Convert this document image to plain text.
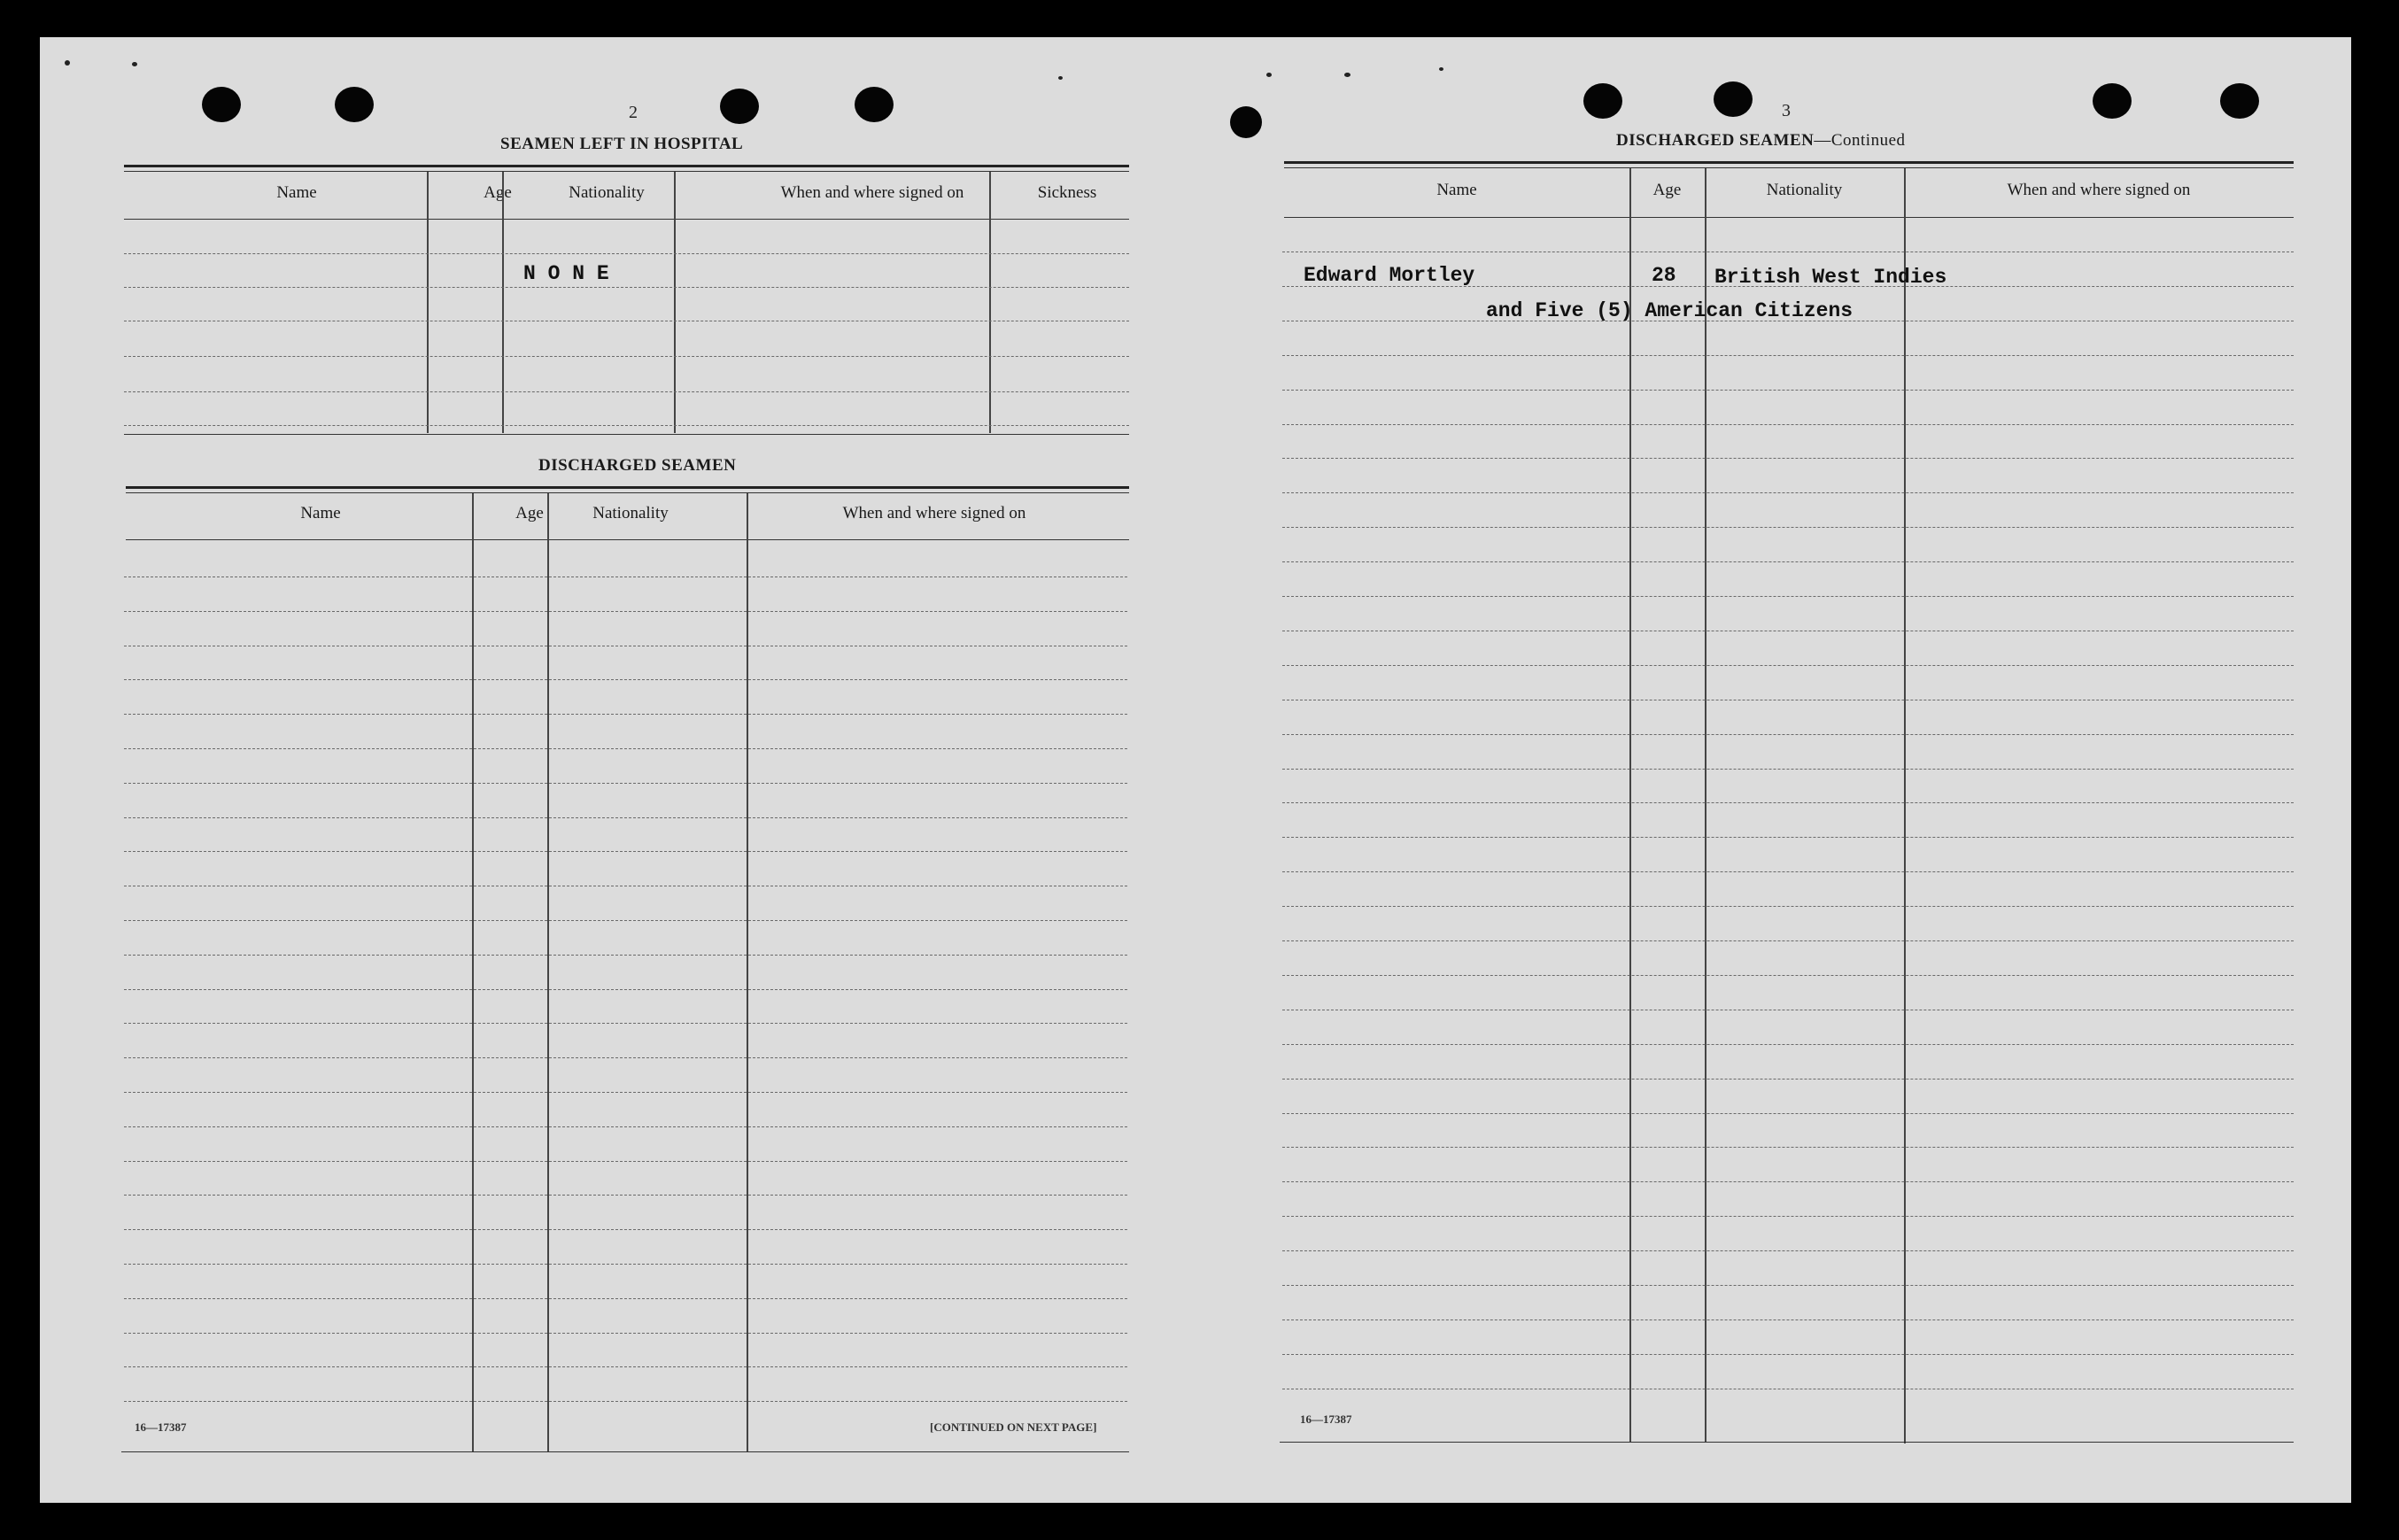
2
SEAMEN LEFT IN HOSPITAL
Name	Age	Nationality	When and where signed on	Sickness
N O N E
DISCHARGED SEAMEN
Name	Age	Nationality	When and where signed on
16—17387	[CONTINUED ON NEXT PAGE]
3
DISCHARGED SEAMEN—Continued
Name	Age	Nationality	When and where signed on
16—17387
Edward Mortley	28 British West Indies
and Five (5) American Citizens
